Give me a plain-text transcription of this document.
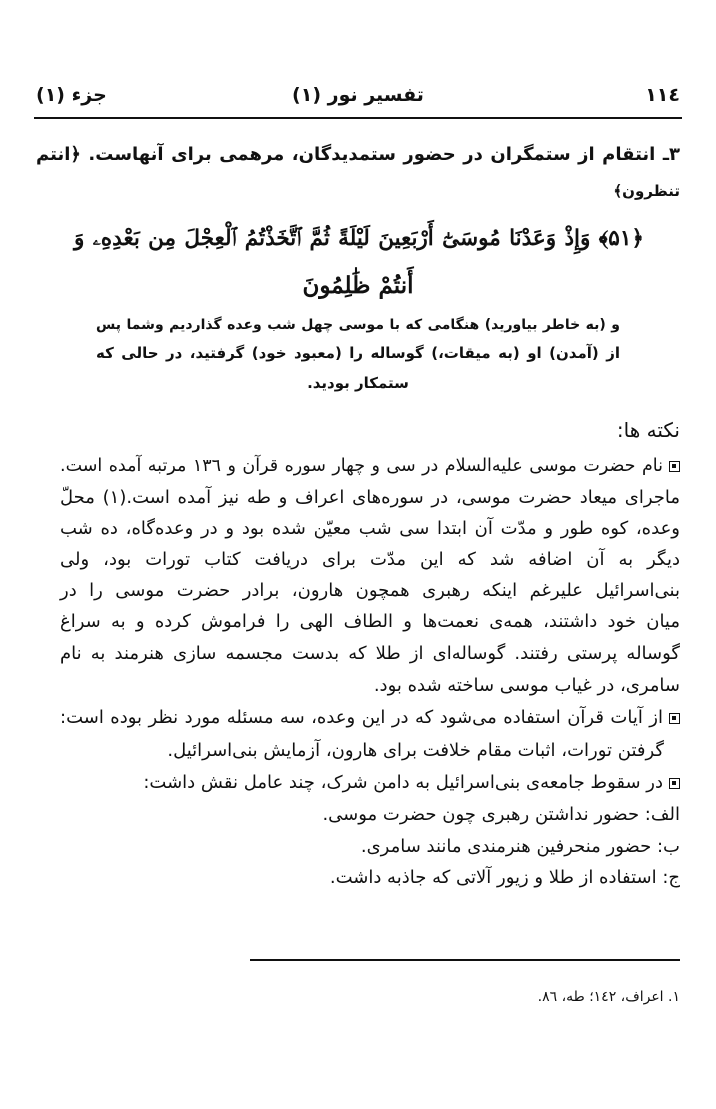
۱۱٤
تفسیر نور (۱)
جزء (۱)
۳ـ انتقام از ستمگران در حضور ستمدیدگان، مرهمی برای آنهاست. ﴿انتم
تنظرون﴾
﴿۵۱﴾ وَإِذْ وَعَدْنَا مُوسَىٰٓ أَرْبَعِينَ لَيْلَةً ثُمَّ ٱتَّخَذْتُمُ ٱلْعِجْلَ مِن بَعْدِهِۦ وَ
أَنتُمْ ظَٰلِمُونَ
و (به خاطر بیاورید) هنگامی که با موسی چهل شب وعده گذاردیم وشما پس
از (آمدن) او (به میقات،) گوساله را (معبود خود) گرفتید، در حالی که
ستمکار بودید.
نکته ها:
نام حضرت موسی علیه‌السلام در سی و چهار سوره قرآن و ۱۳٦ مرتبه آمده است.
ماجرای میعاد حضرت موسی، در سوره‌های اعراف و طه نیز آمده است.(۱) محلّ
وعده، کوه طور و مدّت آن ابتدا سی شب معیّن شده بود و در وعده‌گاه، ده شب
دیگر به آن اضافه شد که این مدّت برای دریافت کتاب تورات بود، ولی
بنی‌اسرائیل علیرغم اینکه رهبری همچون هارون، برادر حضرت موسی را در
میان خود داشتند، همه‌ی نعمت‌ها و الطاف الهی را فراموش کرده و به سراغ
گوساله پرستی رفتند. گوساله‌ای از طلا که بدست مجسمه سازی هنرمند به نام
سامری، در غیاب موسی ساخته شده بود.
از آیات قرآن استفاده می‌شود که در این وعده، سه مسئله مورد نظر بوده است:
گرفتن تورات، اثبات مقام خلافت برای هارون، آزمایش بنی‌اسرائیل.
در سقوط جامعه‌ی بنی‌اسرائیل به دامن شرک، چند عامل نقش داشت:
الف: حضور نداشتن رهبری چون حضرت موسی.
ب: حضور منحرفین هنرمندی مانند سامری.
ج: استفاده از طلا و زیور آلاتی که جاذبه داشت.
۱. اعراف، ۱٤۲؛ طه، ۸٦.
